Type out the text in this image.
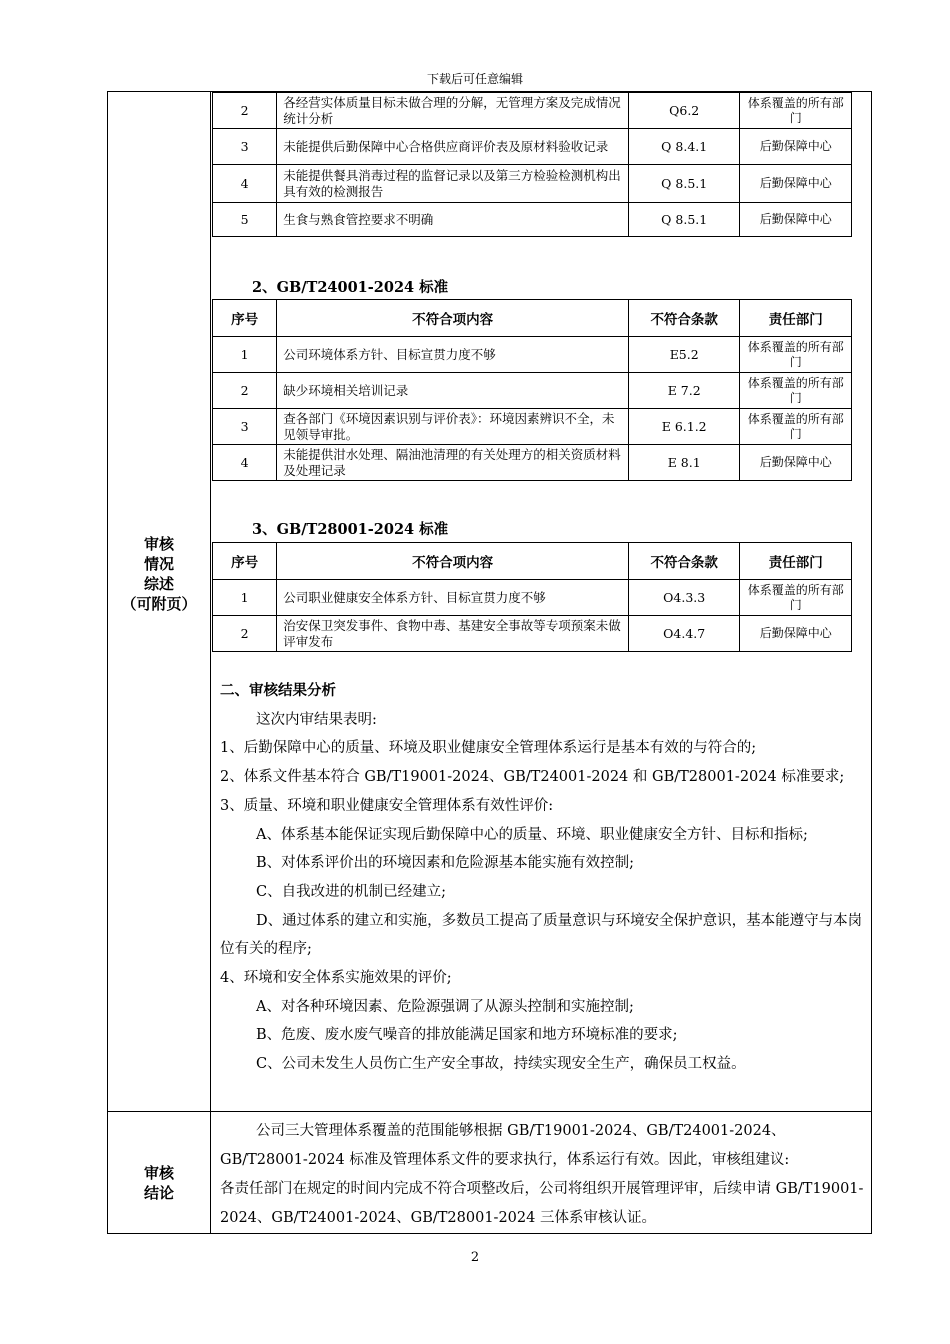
下载后可任意编辑
审核
情况
综述
（可附页）
审核
结论
2	各经营实体质量目标未做合理的分解，无管理方案及完成情况统计分析	Q6.2	体系覆盖的所有部门
3	未能提供后勤保障中心合格供应商评价表及原材料验收记录	Q 8.4.1	后勤保障中心
4	未能提供餐具消毒过程的监督记录以及第三方检验检测机构出具有效的检测报告	Q 8.5.1	后勤保障中心
5	生食与熟食管控要求不明确	Q 8.5.1	后勤保障中心
2、GB/T24001-2024 标准
序号	不符合项内容	不符合条款	责任部门
1	公司环境体系方针、目标宣贯力度不够	E5.2	体系覆盖的所有部门
2	缺少环境相关培训记录	E 7.2	体系覆盖的所有部门
3	查各部门《环境因素识别与评价表》：环境因素辨识不全，未见领导审批。	E 6.1.2	体系覆盖的所有部门
4	未能提供泔水处理、隔油池清理的有关处理方的相关资质材料及处理记录	E 8.1	后勤保障中心
3、GB/T28001-2024 标准
序号	不符合项内容	不符合条款	责任部门
1	公司职业健康安全体系方针、目标宣贯力度不够	O4.3.3	体系覆盖的所有部门
2	治安保卫突发事件、食物中毒、基建安全事故等专项预案未做评审发布	O4.4.7	后勤保障中心

二、审核结果分析

这次内审结果表明:

1、后勤保障中心的质量、环境及职业健康安全管理体系运行是基本有效的与符合的;

2、体系文件基本符合 GB/T19001-2024、GB/T24001-2024 和 GB/T28001-2024 标准要求;

3、质量、环境和职业健康安全管理体系有效性评价:

A、体系基本能保证实现后勤保障中心的质量、环境、职业健康安全方针、目标和指标;

B、对体系评价出的环境因素和危险源基本能实施有效控制;

C、自我改进的机制已经建立;

D、通过体系的建立和实施，多数员工提高了质量意识与环境安全保护意识，基本能遵守与本岗位有关的程序;

4、环境和安全体系实施效果的评价;

A、对各种环境因素、危险源强调了从源头控制和实施控制;

B、危废、废水废气噪音的排放能满足国家和地方环境标准的要求;

C、公司未发生人员伤亡生产安全事故，持续实现安全生产，确保员工权益。

公司三大管理体系覆盖的范围能够根据 GB/T19001-2024、GB/T24001-2024、GB/T28001-2024 标准及管理体系文件的要求执行，体系运行有效。因此，审核组建议:

各责任部门在规定的时间内完成不符合项整改后，公司将组织开展管理评审，后续申请 GB/T19001-2024、GB/T24001-2024、GB/T28001-2024 三体系审核认证。

2
